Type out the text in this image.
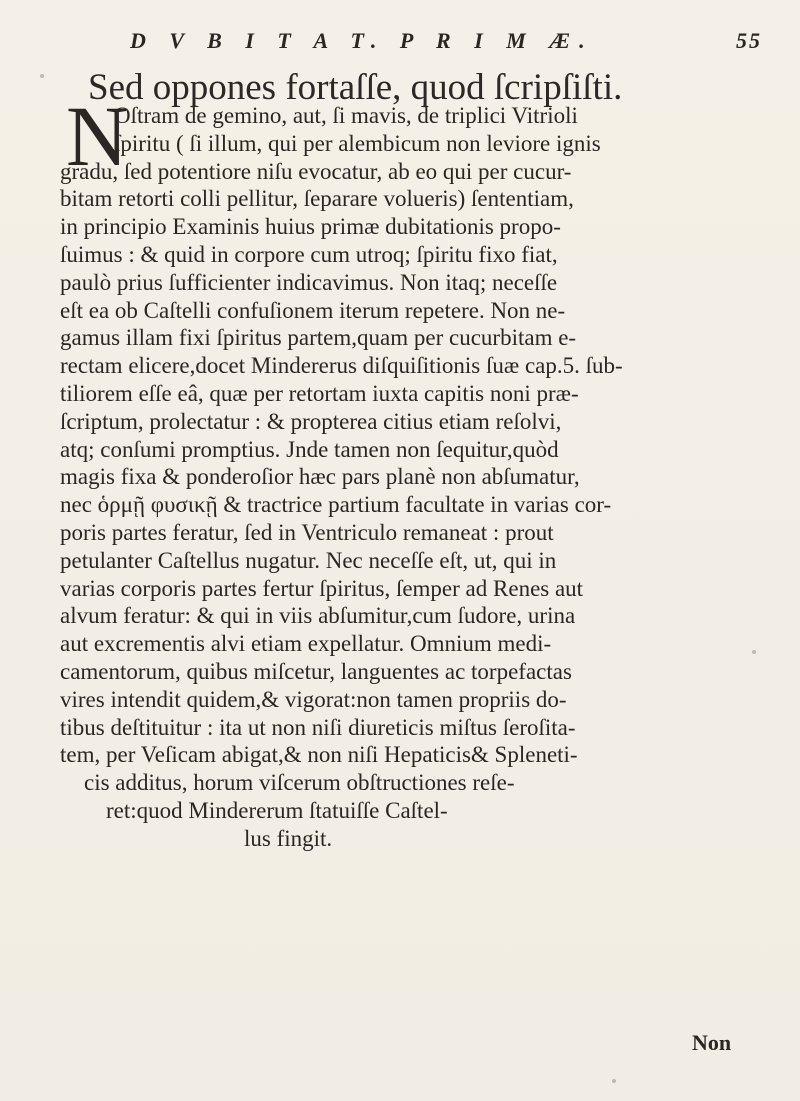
D V B I T A T. P R I M Æ.	55
Sed oppones fortaſſe, quod ſcripſiſti.
N
Oſtram de gemino, aut, ſi mavis, de triplici Vitrioli
ſpiritu ( ſi illum, qui per alembicum non leviore ignis
gradu, ſed potentiore niſu evocatur, ab eo qui per cucur-
bitam retorti colli pellitur, ſeparare volueris) ſententiam,
in principio Examinis huius primæ dubitationis propo-
ſuimus : & quid in corpore cum utroq; ſpiritu fixo fiat,
paulò prius ſufficienter indicavimus. Non itaq; neceſſe
eſt ea ob Caſtelli confuſionem iterum repetere. Non ne-
gamus illam fixi ſpiritus partem,quam per cucurbitam e-
rectam elicere,docet Mindererus diſquiſitionis ſuæ cap.5. ſub-
tiliorem eſſe eâ, quæ per retortam iuxta capitis noni præ-
ſcriptum, prolectatur : & propterea citius etiam reſolvi,
atq; conſumi promptius. Jnde tamen non ſequitur,quòd
magis fixa & ponderoſior hæc pars planè non abſumatur,
nec ὁρμῇ φυσικῇ & tractrice partium facultate in varias cor-
poris partes feratur, ſed in Ventriculo remaneat : prout
petulanter Caſtellus nugatur. Nec neceſſe eſt, ut, qui in
varias corporis partes fertur ſpiritus, ſemper ad Renes aut
alvum feratur: & qui in viis abſumitur,cum ſudore, urina
aut excrementis alvi etiam expellatur. Omnium medi-
camentorum, quibus miſcetur, languentes ac torpefactas
vires intendit quidem,& vigorat:non tamen propriis do-
tibus deſtituitur : ita ut non niſi diureticis miſtus ſeroſita-
tem, per Veſicam abigat,& non niſi Hepaticis& Spleneti-
cis additus, horum viſcerum obſtructiones reſe-
ret:quod Mindererum ſtatuiſſe Caſtel-
lus fingit.
Non
